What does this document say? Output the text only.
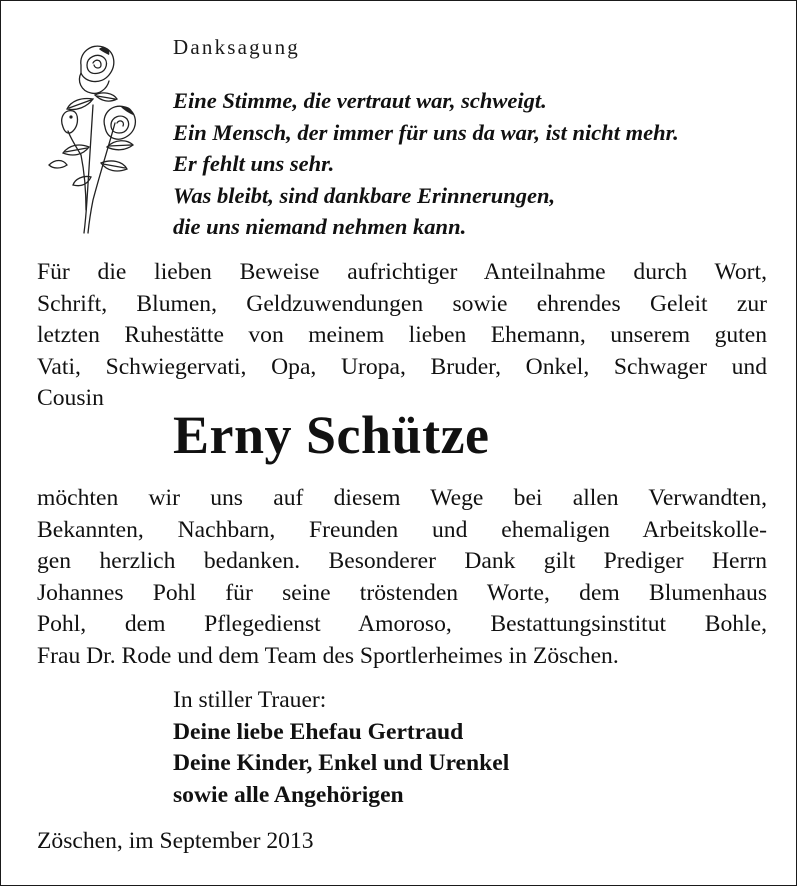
Danksagung
Eine Stimme, die vertraut war, schweigt.
Ein Mensch, der immer für uns da war, ist nicht mehr.
Er fehlt uns sehr.
Was bleibt, sind dankbare Erinnerungen,
die uns niemand nehmen kann.
Für die lieben Beweise aufrichtiger Anteilnahme durch Wort,
Schrift, Blumen, Geldzuwendungen sowie ehrendes Geleit zur
letzten Ruhestätte von meinem lieben Ehemann, unserem guten
Vati, Schwiegervati, Opa, Uropa, Bruder, Onkel, Schwager und
Cousin
Erny Schütze
möchten wir uns auf diesem Wege bei allen Verwandten,
Bekannten, Nachbarn, Freunden und ehemaligen Arbeitskolle-
gen herzlich bedanken. Besonderer Dank gilt Prediger Herrn
Johannes Pohl für seine tröstenden Worte, dem Blumenhaus
Pohl, dem Pflegedienst Amoroso, Bestattungsinstitut Bohle,
Frau Dr. Rode und dem Team des Sportlerheimes in Zöschen.
In stiller Trauer:
Deine liebe Ehefau Gertraud
Deine Kinder, Enkel und Urenkel
sowie alle Angehörigen
Zöschen, im September 2013
